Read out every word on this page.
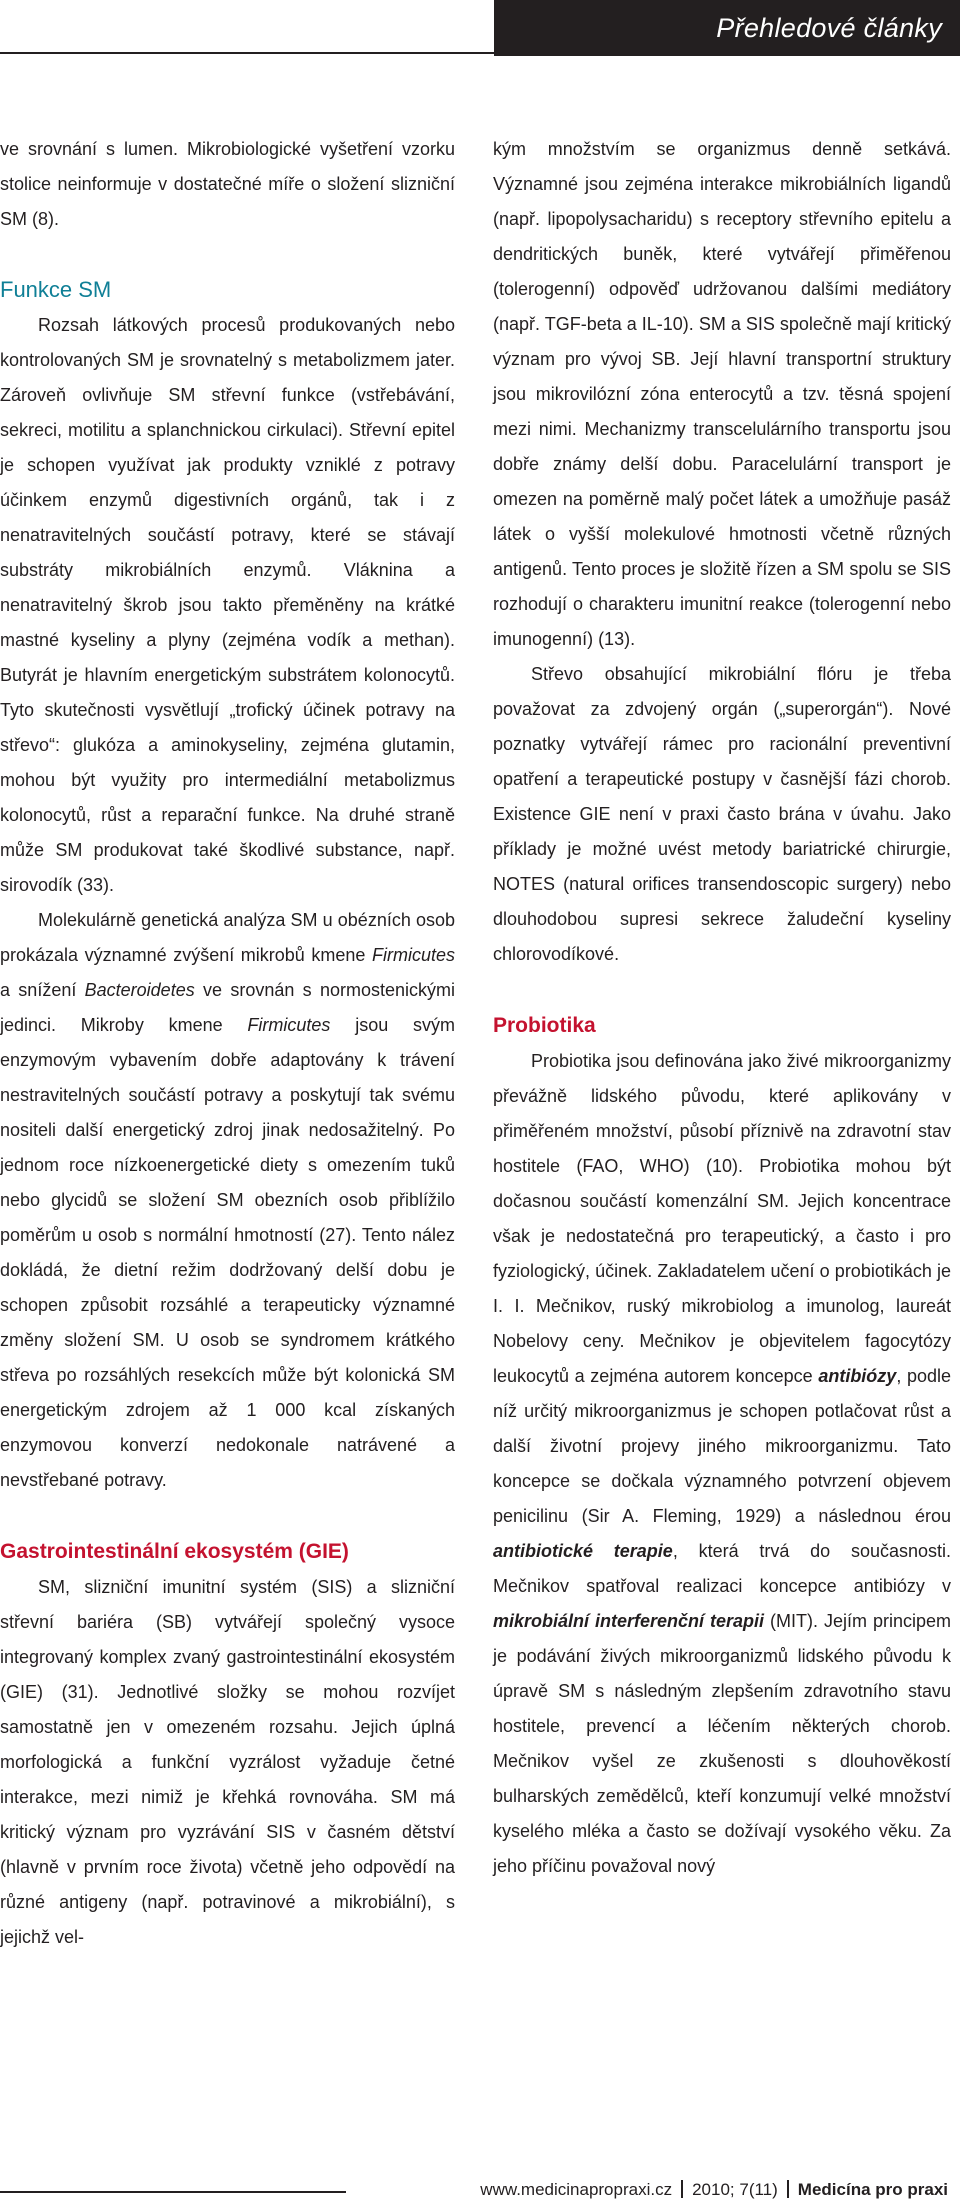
Přehledové články

ve srovnání s lumen. Mikrobiologické vyšetření vzorku stolice neinformuje v dostatečné míře o složení slizniční SM (8).

Funkce SM

Rozsah látkových procesů produkovaných nebo kontrolovaných SM je srovnatelný s metabolizmem jater. Zároveň ovlivňuje SM střevní funkce (vstřebávání, sekreci, motilitu a splanchnickou cirkulaci). Střevní epitel je schopen využívat jak produkty vzniklé z potravy účinkem enzymů digestivních orgánů, tak i z nenatravitelných součástí potravy, které se stávají substráty mikrobiálních enzymů. Vláknina a nenatravitelný škrob jsou takto přeměněny na krátké mastné kyseliny a plyny (zejména vodík a methan). Butyrát je hlavním energetickým substrátem kolonocytů. Tyto skutečnosti vysvětlují „trofický účinek potravy na střevo“: glukóza a aminokyseliny, zejména glutamin, mohou být využity pro intermediální metabolizmus kolonocytů, růst a reparační funkce. Na druhé straně může SM produkovat také škodlivé substance, např. sirovodík (33).

Molekulárně genetická analýza SM u obézních osob prokázala významné zvýšení mikrobů kmene Firmicutes a snížení Bacteroidetes ve srovnán s normostenickými jedinci. Mikroby kmene Firmicutes jsou svým enzymovým vybavením dobře adaptovány k trávení nestravitelných součástí potravy a poskytují tak svému nositeli další energetický zdroj jinak nedosažitelný. Po jednom roce nízkoenergetické diety s omezením tuků nebo glycidů se složení SM obezních osob přiblížilo poměrům u osob s normální hmotností (27). Tento nález dokládá, že dietní režim dodržovaný delší dobu je schopen způsobit rozsáhlé a terapeuticky významné změny složení SM. U osob se syndromem krátkého střeva po rozsáhlých resekcích může být kolonická SM energetickým zdrojem až 1 000 kcal získaných enzymovou konverzí nedokonale natrávené a nevstřebané potravy.

Gastrointestinální ekosystém (GIE)

SM, slizniční imunitní systém (SIS) a slizniční střevní bariéra (SB) vytvářejí společný vysoce integrovaný komplex zvaný gastrointestinální ekosystém (GIE) (31). Jednotlivé složky se mohou rozvíjet samostatně jen v omezeném rozsahu. Jejich úplná morfologická a funkční vyzrálost vyžaduje četné interakce, mezi nimiž je křehká rovnováha. SM má kritický význam pro vyzrávání SIS v časném dětství (hlavně v prvním roce života) včetně jeho odpovědí na různé antigeny (např. potravinové a mikrobiální), s jejichž vel-

kým množstvím se organizmus denně setkává. Významné jsou zejména interakce mikrobiálních ligandů (např. lipopolysacharidu) s receptory střevního epitelu a dendritických buněk, které vytvářejí přiměřenou (tolerogenní) odpověď udržovanou dalšími mediátory (např. TGF-beta a IL-10). SM a SIS společně mají kritický význam pro vývoj SB. Její hlavní transportní struktury jsou mikrovilózní zóna enterocytů a tzv. těsná spojení mezi nimi. Mechanizmy transcelulárního transportu jsou dobře známy delší dobu. Paracelulární transport je omezen na poměrně malý počet látek a umožňuje pasáž látek o vyšší molekulové hmotnosti včetně různých antigenů. Tento proces je složitě řízen a SM spolu se SIS rozhodují o charakteru imunitní reakce (tolerogenní nebo imunogenní) (13).

Střevo obsahující mikrobiální flóru je třeba považovat za zdvojený orgán („superorgán“). Nové poznatky vytvářejí rámec pro racionální preventivní opatření a terapeutické postupy v časnější fázi chorob. Existence GIE není v praxi často brána v úvahu. Jako příklady je možné uvést metody bariatrické chirurgie, NOTES (natural orifices transendoscopic surgery) nebo dlouhodobou supresi sekrece žaludeční kyseliny chlorovodíkové.

Probiotika

Probiotika jsou definována jako živé mikroorganizmy převážně lidského původu, které aplikovány v přiměřeném množství, působí příznivě na zdravotní stav hostitele (FAO, WHO) (10). Probiotika mohou být dočasnou součástí komenzální SM. Jejich koncentrace však je nedostatečná pro terapeutický, a často i pro fyziologický, účinek. Zakladatelem učení o probiotikách je I. I. Mečnikov, ruský mikrobiolog a imunolog, laureát Nobelovy ceny. Mečnikov je objevitelem fagocytózy leukocytů a zejména autorem koncepce antibiózy, podle níž určitý mikroorganizmus je schopen potlačovat růst a další životní projevy jiného mikroorganizmu. Tato koncepce se dočkala významného potvrzení objevem penicilinu (Sir A. Fleming, 1929) a následnou érou antibiotické terapie, která trvá do současnosti. Mečnikov spatřoval realizaci koncepce antibiózy v mikrobiální interferenční terapii (MIT). Jejím principem je podávání živých mikroorganizmů lidského původu k úpravě SM s následným zlepšením zdravotního stavu hostitele, prevencí a léčením některých chorob. Mečnikov vyšel ze zkušenosti s dlouhověkostí bulharských zemědělců, kteří konzumují velké množství kyselého mléka a často se dožívají vysokého věku. Za jeho příčinu považoval nový

www.medicinapropraxi.cz 2010; 7(11) Medicína pro praxi
